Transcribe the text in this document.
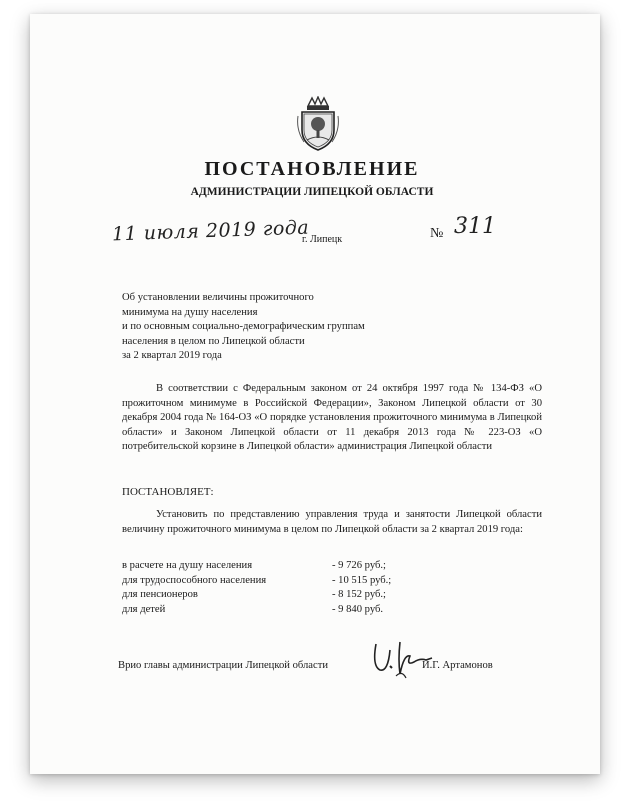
ПОСТАНОВЛЕНИЕ
АДМИНИСТРАЦИИ ЛИПЕЦКОЙ ОБЛАСТИ
11 июля 2019 года
г. Липецк	№ 311
Об установлении величины прожиточного
минимума на душу населения
и по основным социально-демографическим группам
населения в целом по Липецкой области
за 2 квартал 2019 года
В соответствии с Федеральным законом от 24 октября 1997 года № 134-ФЗ «О прожиточном минимуме в Российской Федерации», Законом Липецкой области от 30 декабря 2004 года № 164-ОЗ «О порядке установления прожиточного минимума в Липецкой области» и Законом Липецкой области от 11 декабря 2013 года № 223-ОЗ «О потребительской корзине в Липецкой области» администрация Липецкой области
ПОСТАНОВЛЯЕТ:
Установить по представлению управления труда и занятости Липецкой области величину прожиточного минимума в целом по Липецкой области за 2 квартал 2019 года:
в расчете на душу населения	- 9 726 руб.;
для трудоспособного населения	- 10 515 руб.;
для пенсионеров	- 8 152 руб.;
для детей	- 9 840 руб.
Врио главы администрации Липецкой области	И.Г. Артамонов
